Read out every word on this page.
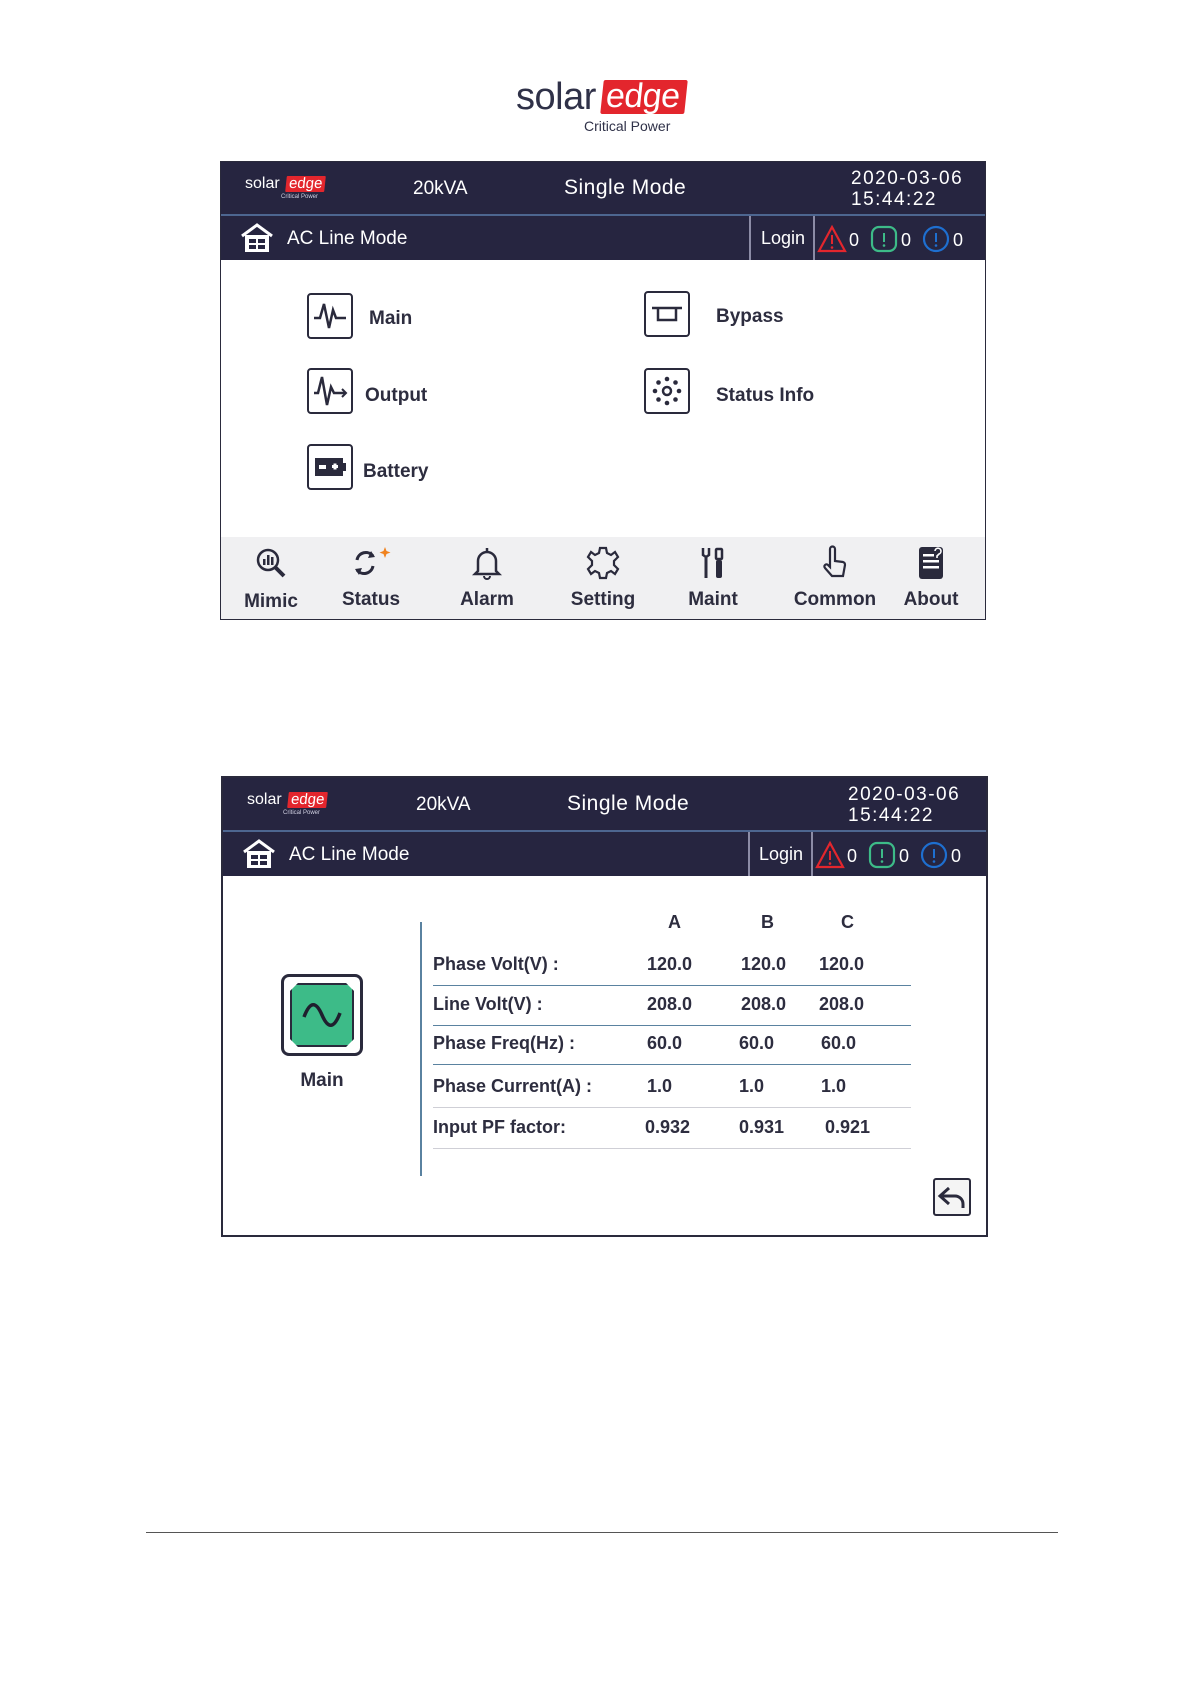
solar edge
Critical Power
solar edge
Critical Power	20kVA	Single Mode	2020-03-06
15:44:22
AC Line Mode	Login 0 0 0
Main	Bypass
Output	Status Info
Battery
Mimic	Status	Alarm	Setting	Maint	Common	About
solar edge
Critical Power	20kVA	Single Mode	2020-03-06
15:44:22
AC Line Mode	Login 0 0 0
Main
A	B	C
Phase Volt(V) :	120.0	120.0 120.0
Line Volt(V) :	208.0	208.0 208.0
Phase Freq(Hz) :	60.0	60.0	60.0
Phase Current(A) :	1.0	1.0	1.0
Input PF factor:	0.932	0.931 0.921
